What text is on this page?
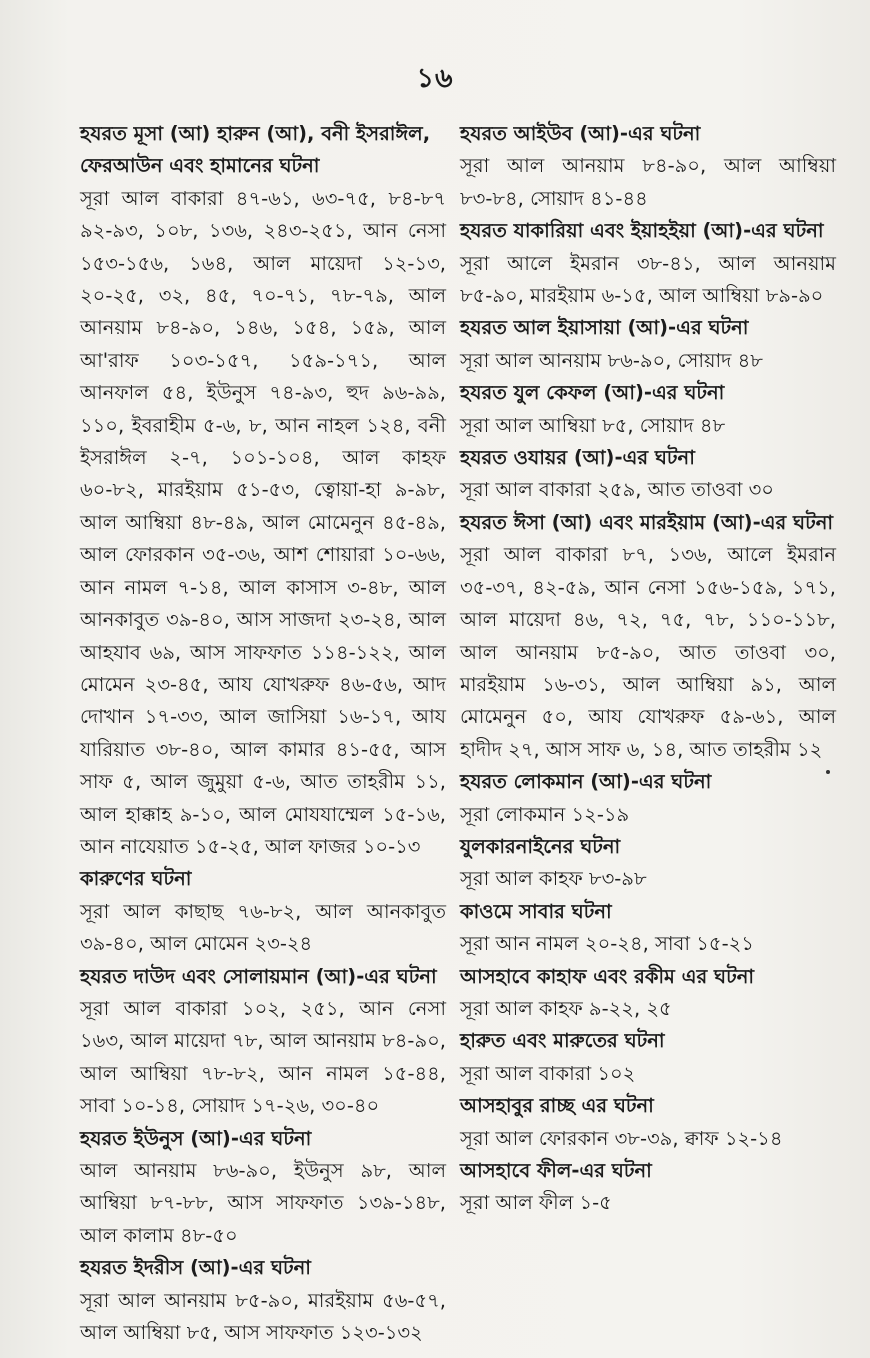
১৬
হযরত মূসা (আ) হারুন (আ), বনী ইসরাঈল, ফেরআউন এবং হামানের ঘটনা
সূরা আল বাকারা ৪৭-৬১, ৬৩-৭৫, ৮৪-৮৭ ৯২-৯৩, ১০৮, ১৩৬, ২৪৩-২৫১, আন নেসা ১৫৩-১৫৬, ১৬৪, আল মায়েদা ১২-১৩, ২০-২৫, ৩২, ৪৫, ৭০-৭১, ৭৮-৭৯, আল আনয়াম ৮৪-৯০, ১৪৬, ১৫৪, ১৫৯, আল আ'রাফ ১০৩-১৫৭, ১৫৯-১৭১, আল আনফাল ৫৪, ইউনুস ৭৪-৯৩, হুদ ৯৬-৯৯, ১১০, ইবরাহীম ৫-৬, ৮, আন নাহল ১২৪, বনী ইসরাঈল ২-৭, ১০১-১০৪, আল কাহফ ৬০-৮২, মারইয়াম ৫১-৫৩, ত্বোয়া-হা ৯-৯৮, আল আম্বিয়া ৪৮-৪৯, আল মোমেনুন ৪৫-৪৯, আল ফোরকান ৩৫-৩৬, আশ শোয়ারা ১০-৬৬, আন নামল ৭-১৪, আল কাসাস ৩-৪৮, আল আনকাবুত ৩৯-৪০, আস সাজদা ২৩-২৪, আল আহযাব ৬৯, আস সাফফাত ১১৪-১২২, আল মোমেন ২৩-৪৫, আয যোখরুফ ৪৬-৫৬, আদ দোখান ১৭-৩৩, আল জাসিয়া ১৬-১৭, আয যারিয়াত ৩৮-৪০, আল কামার ৪১-৫৫, আস সাফ ৫, আল জুমুয়া ৫-৬, আত তাহরীম ১১, আল হাক্কাহ ৯-১০, আল মোযযাম্মেল ১৫-১৬, আন নাযেয়াত ১৫-২৫, আল ফাজর ১০-১৩
কারুণের ঘটনা
সূরা আল কাছাছ ৭৬-৮২, আল আনকাবুত ৩৯-৪০, আল মোমেন ২৩-২৪
হযরত দাউদ এবং সোলায়মান (আ)-এর ঘটনা
সূরা আল বাকারা ১০২, ২৫১, আন নেসা ১৬৩, আল মায়েদা ৭৮, আল আনয়াম ৮৪-৯০, আল আম্বিয়া ৭৮-৮২, আন নামল ১৫-৪৪, সাবা ১০-১৪, সোয়াদ ১৭-২৬, ৩০-৪০
হযরত ইউনুস (আ)-এর ঘটনা
আল আনয়াম ৮৬-৯০, ইউনুস ৯৮, আল আম্বিয়া ৮৭-৮৮, আস সাফফাত ১৩৯-১৪৮, আল কালাম ৪৮-৫০
হযরত ইদরীস (আ)-এর ঘটনা
সূরা আল আনয়াম ৮৫-৯০, মারইয়াম ৫৬-৫৭, আল আম্বিয়া ৮৫, আস সাফফাত ১২৩-১৩২
হযরত আইউব (আ)-এর ঘটনা
সূরা আল আনয়াম ৮৪-৯০, আল আম্বিয়া ৮৩-৮৪, সোয়াদ ৪১-৪৪
হযরত যাকারিয়া এবং ইয়াহইয়া (আ)-এর ঘটনা
সূরা আলে ইমরান ৩৮-৪১, আল আনয়াম ৮৫-৯০, মারইয়াম ৬-১৫, আল আম্বিয়া ৮৯-৯০
হযরত আল ইয়াসায়া (আ)-এর ঘটনা
সূরা আল আনয়াম ৮৬-৯০, সোয়াদ ৪৮
হযরত যুল কেফল (আ)-এর ঘটনা
সূরা আল আম্বিয়া ৮৫, সোয়াদ ৪৮
হযরত ওযায়র (আ)-এর ঘটনা
সূরা আল বাকারা ২৫৯, আত তাওবা ৩০
হযরত ঈসা (আ) এবং মারইয়াম (আ)-এর ঘটনা
সূরা আল বাকারা ৮৭, ১৩৬, আলে ইমরান ৩৫-৩৭, ৪২-৫৯, আন নেসা ১৫৬-১৫৯, ১৭১, আল মায়েদা ৪৬, ৭২, ৭৫, ৭৮, ১১০-১১৮, আল আনয়াম ৮৫-৯০, আত তাওবা ৩০, মারইয়াম ১৬-৩১, আল আম্বিয়া ৯১, আল মোমেনুন ৫০, আয যোখরুফ ৫৯-৬১, আল হাদীদ ২৭, আস সাফ ৬, ১৪, আত তাহরীম ১২
হযরত লোকমান (আ)-এর ঘটনা
সূরা লোকমান ১২-১৯
যুলকারনাইনের ঘটনা
সূরা আল কাহফ ৮৩-৯৮
কাওমে সাবার ঘটনা
সূরা আন নামল ২০-২৪, সাবা ১৫-২১
আসহাবে কাহাফ এবং রকীম এর ঘটনা
সূরা আল কাহফ ৯-২২, ২৫
হারুত এবং মারুতের ঘটনা
সূরা আল বাকারা ১০২
আসহাবুর রাচ্ছ এর ঘটনা
সূরা আল ফোরকান ৩৮-৩৯, ক্বাফ ১২-১৪
আসহাবে ফীল-এর ঘটনা
সূরা আল ফীল ১-৫
